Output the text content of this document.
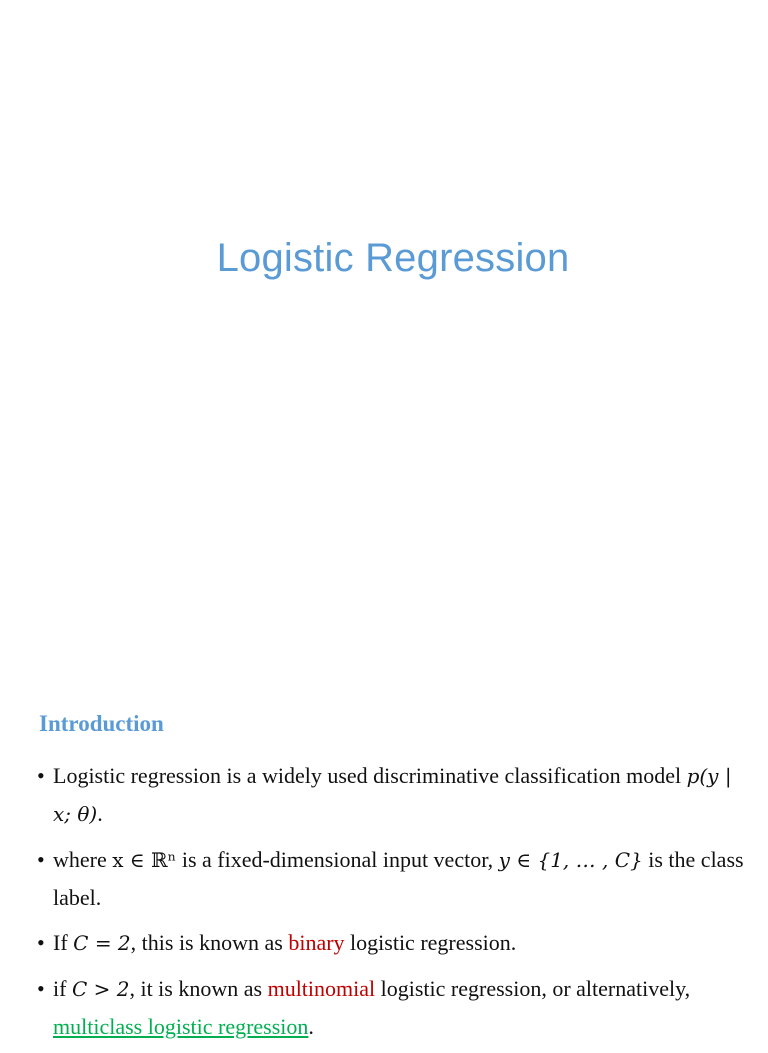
Logistic Regression
Introduction
• Logistic regression is a widely used discriminative classification model p(y | x; θ).
• where x ∈ ℝⁿ is a fixed-dimensional input vector, y ∈ {1, … , C} is the class label.
• If C = 2, this is known as binary logistic regression.
• if C > 2, it is known as multinomial logistic regression, or alternatively, multiclass logistic regression.
